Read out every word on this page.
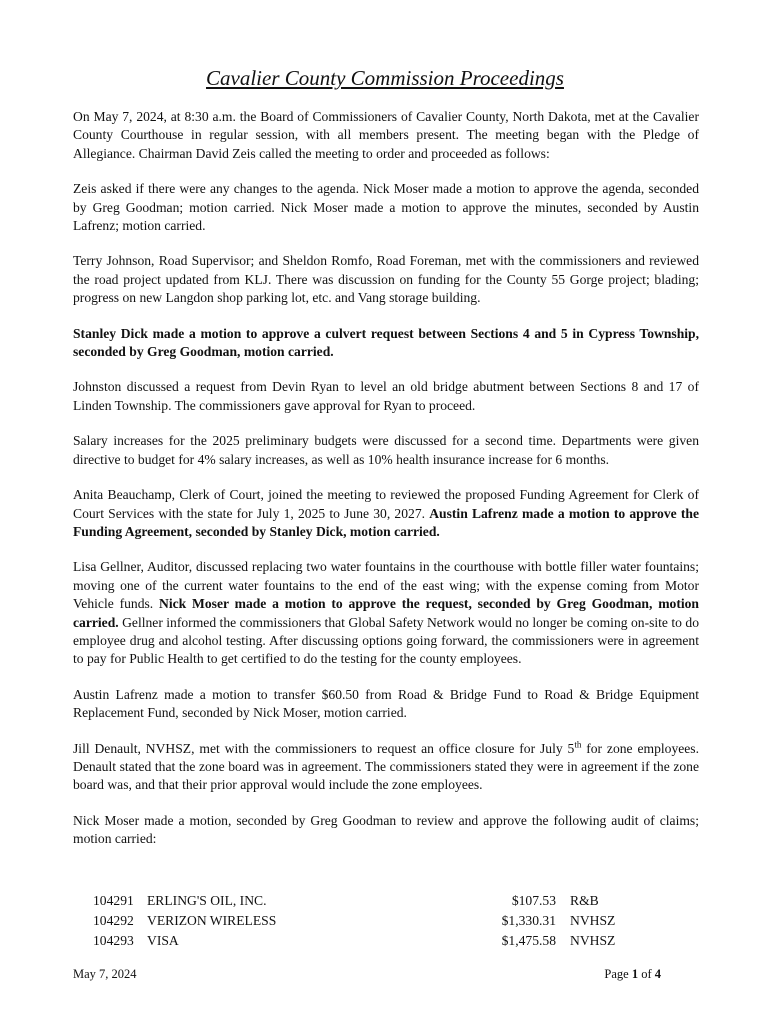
Cavalier County Commission Proceedings

On May 7, 2024, at 8:30 a.m. the Board of Commissioners of Cavalier County, North Dakota, met at the Cavalier County Courthouse in regular session, with all members present. The meeting began with the Pledge of Allegiance. Chairman David Zeis called the meeting to order and proceeded as follows:

Zeis asked if there were any changes to the agenda. Nick Moser made a motion to approve the agenda, seconded by Greg Goodman; motion carried. Nick Moser made a motion to approve the minutes, seconded by Austin Lafrenz; motion carried.

Terry Johnson, Road Supervisor; and Sheldon Romfo, Road Foreman, met with the commissioners and reviewed the road project updated from KLJ. There was discussion on funding for the County 55 Gorge project; blading; progress on new Langdon shop parking lot, etc. and Vang storage building.

Stanley Dick made a motion to approve a culvert request between Sections 4 and 5 in Cypress Township, seconded by Greg Goodman, motion carried.

Johnston discussed a request from Devin Ryan to level an old bridge abutment between Sections 8 and 17 of Linden Township. The commissioners gave approval for Ryan to proceed.

Salary increases for the 2025 preliminary budgets were discussed for a second time. Departments were given directive to budget for 4% salary increases, as well as 10% health insurance increase for 6 months.

Anita Beauchamp, Clerk of Court, joined the meeting to reviewed the proposed Funding Agreement for Clerk of Court Services with the state for July 1, 2025 to June 30, 2027. Austin Lafrenz made a motion to approve the Funding Agreement, seconded by Stanley Dick, motion carried.

Lisa Gellner, Auditor, discussed replacing two water fountains in the courthouse with bottle filler water fountains; moving one of the current water fountains to the end of the east wing; with the expense coming from Motor Vehicle funds. Nick Moser made a motion to approve the request, seconded by Greg Goodman, motion carried. Gellner informed the commissioners that Global Safety Network would no longer be coming on-site to do employee drug and alcohol testing. After discussing options going forward, the commissioners were in agreement to pay for Public Health to get certified to do the testing for the county employees.

Austin Lafrenz made a motion to transfer $60.50 from Road & Bridge Fund to Road & Bridge Equipment Replacement Fund, seconded by Nick Moser, motion carried.

Jill Denault, NVHSZ, met with the commissioners to request an office closure for July 5th for zone employees. Denault stated that the zone board was in agreement. The commissioners stated they were in agreement if the zone board was, and that their prior approval would include the zone employees.

Nick Moser made a motion, seconded by Greg Goodman to review and approve the following audit of claims; motion carried:

104291 ERLING'S OIL, INC.	$107.53 R&B
104292 VERIZON WIRELESS	$1,330.31 NVHSZ
104293 VISA	$1,475.58 NVHSZ
May 7, 2024	Page 1 of 4
